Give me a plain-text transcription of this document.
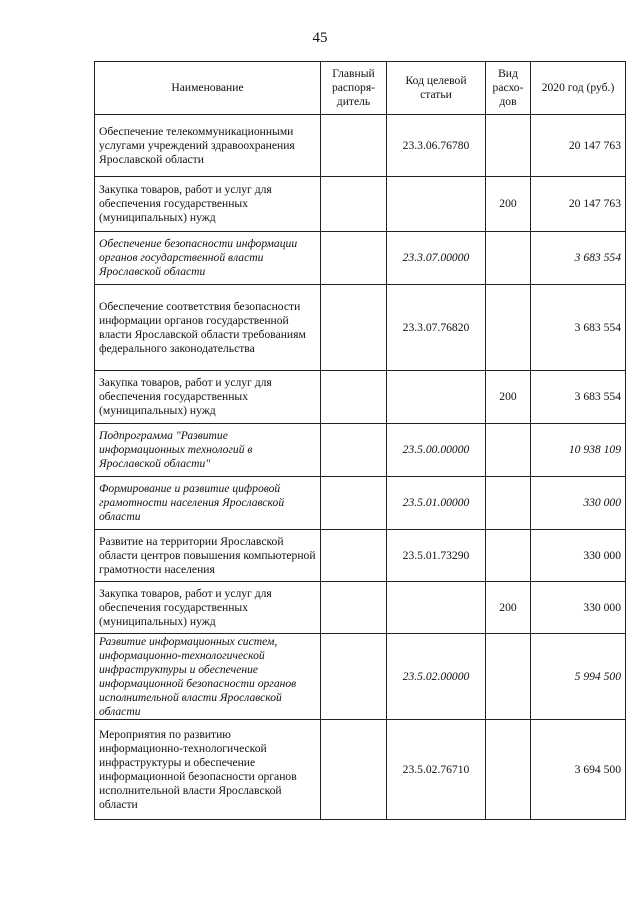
45
Наименование	Главный распоря- дитель	Код целевой статьи	Вид расхо- дов	2020 год (руб.)
Обеспечение телекоммуникационными услугами учреждений здравоохранения Ярославской области		23.3.06.76780		20 147 763
Закупка товаров, работ и услуг для обеспечения государственных (муниципальных) нужд			200	20 147 763
Обеспечение безопасности информации органов государственной власти Ярославской области		23.3.07.00000		3 683 554
Обеспечение соответствия безопасности информации органов государственной власти Ярославской области требованиям федерального законодательства		23.3.07.76820		3 683 554
Закупка товаров, работ и услуг для обеспечения государственных (муниципальных) нужд			200	3 683 554
Подпрограмма "Развитие информационных технологий в Ярославской области"		23.5.00.00000		10 938 109
Формирование и развитие цифровой грамотности населения Ярославской области		23.5.01.00000		330 000
Развитие на территории Ярославской области центров повышения компьютерной грамотности населения		23.5.01.73290		330 000
Закупка товаров, работ и услуг для обеспечения государственных (муниципальных) нужд			200	330 000
Развитие информационных систем, информационно-технологической инфраструктуры и обеспечение информационной безопасности органов исполнительной власти Ярославской области		23.5.02.00000		5 994 500
Мероприятия по развитию информационно-технологической инфраструктуры и обеспечение информационной безопасности органов исполнительной власти Ярославской области		23.5.02.76710		3 694 500
